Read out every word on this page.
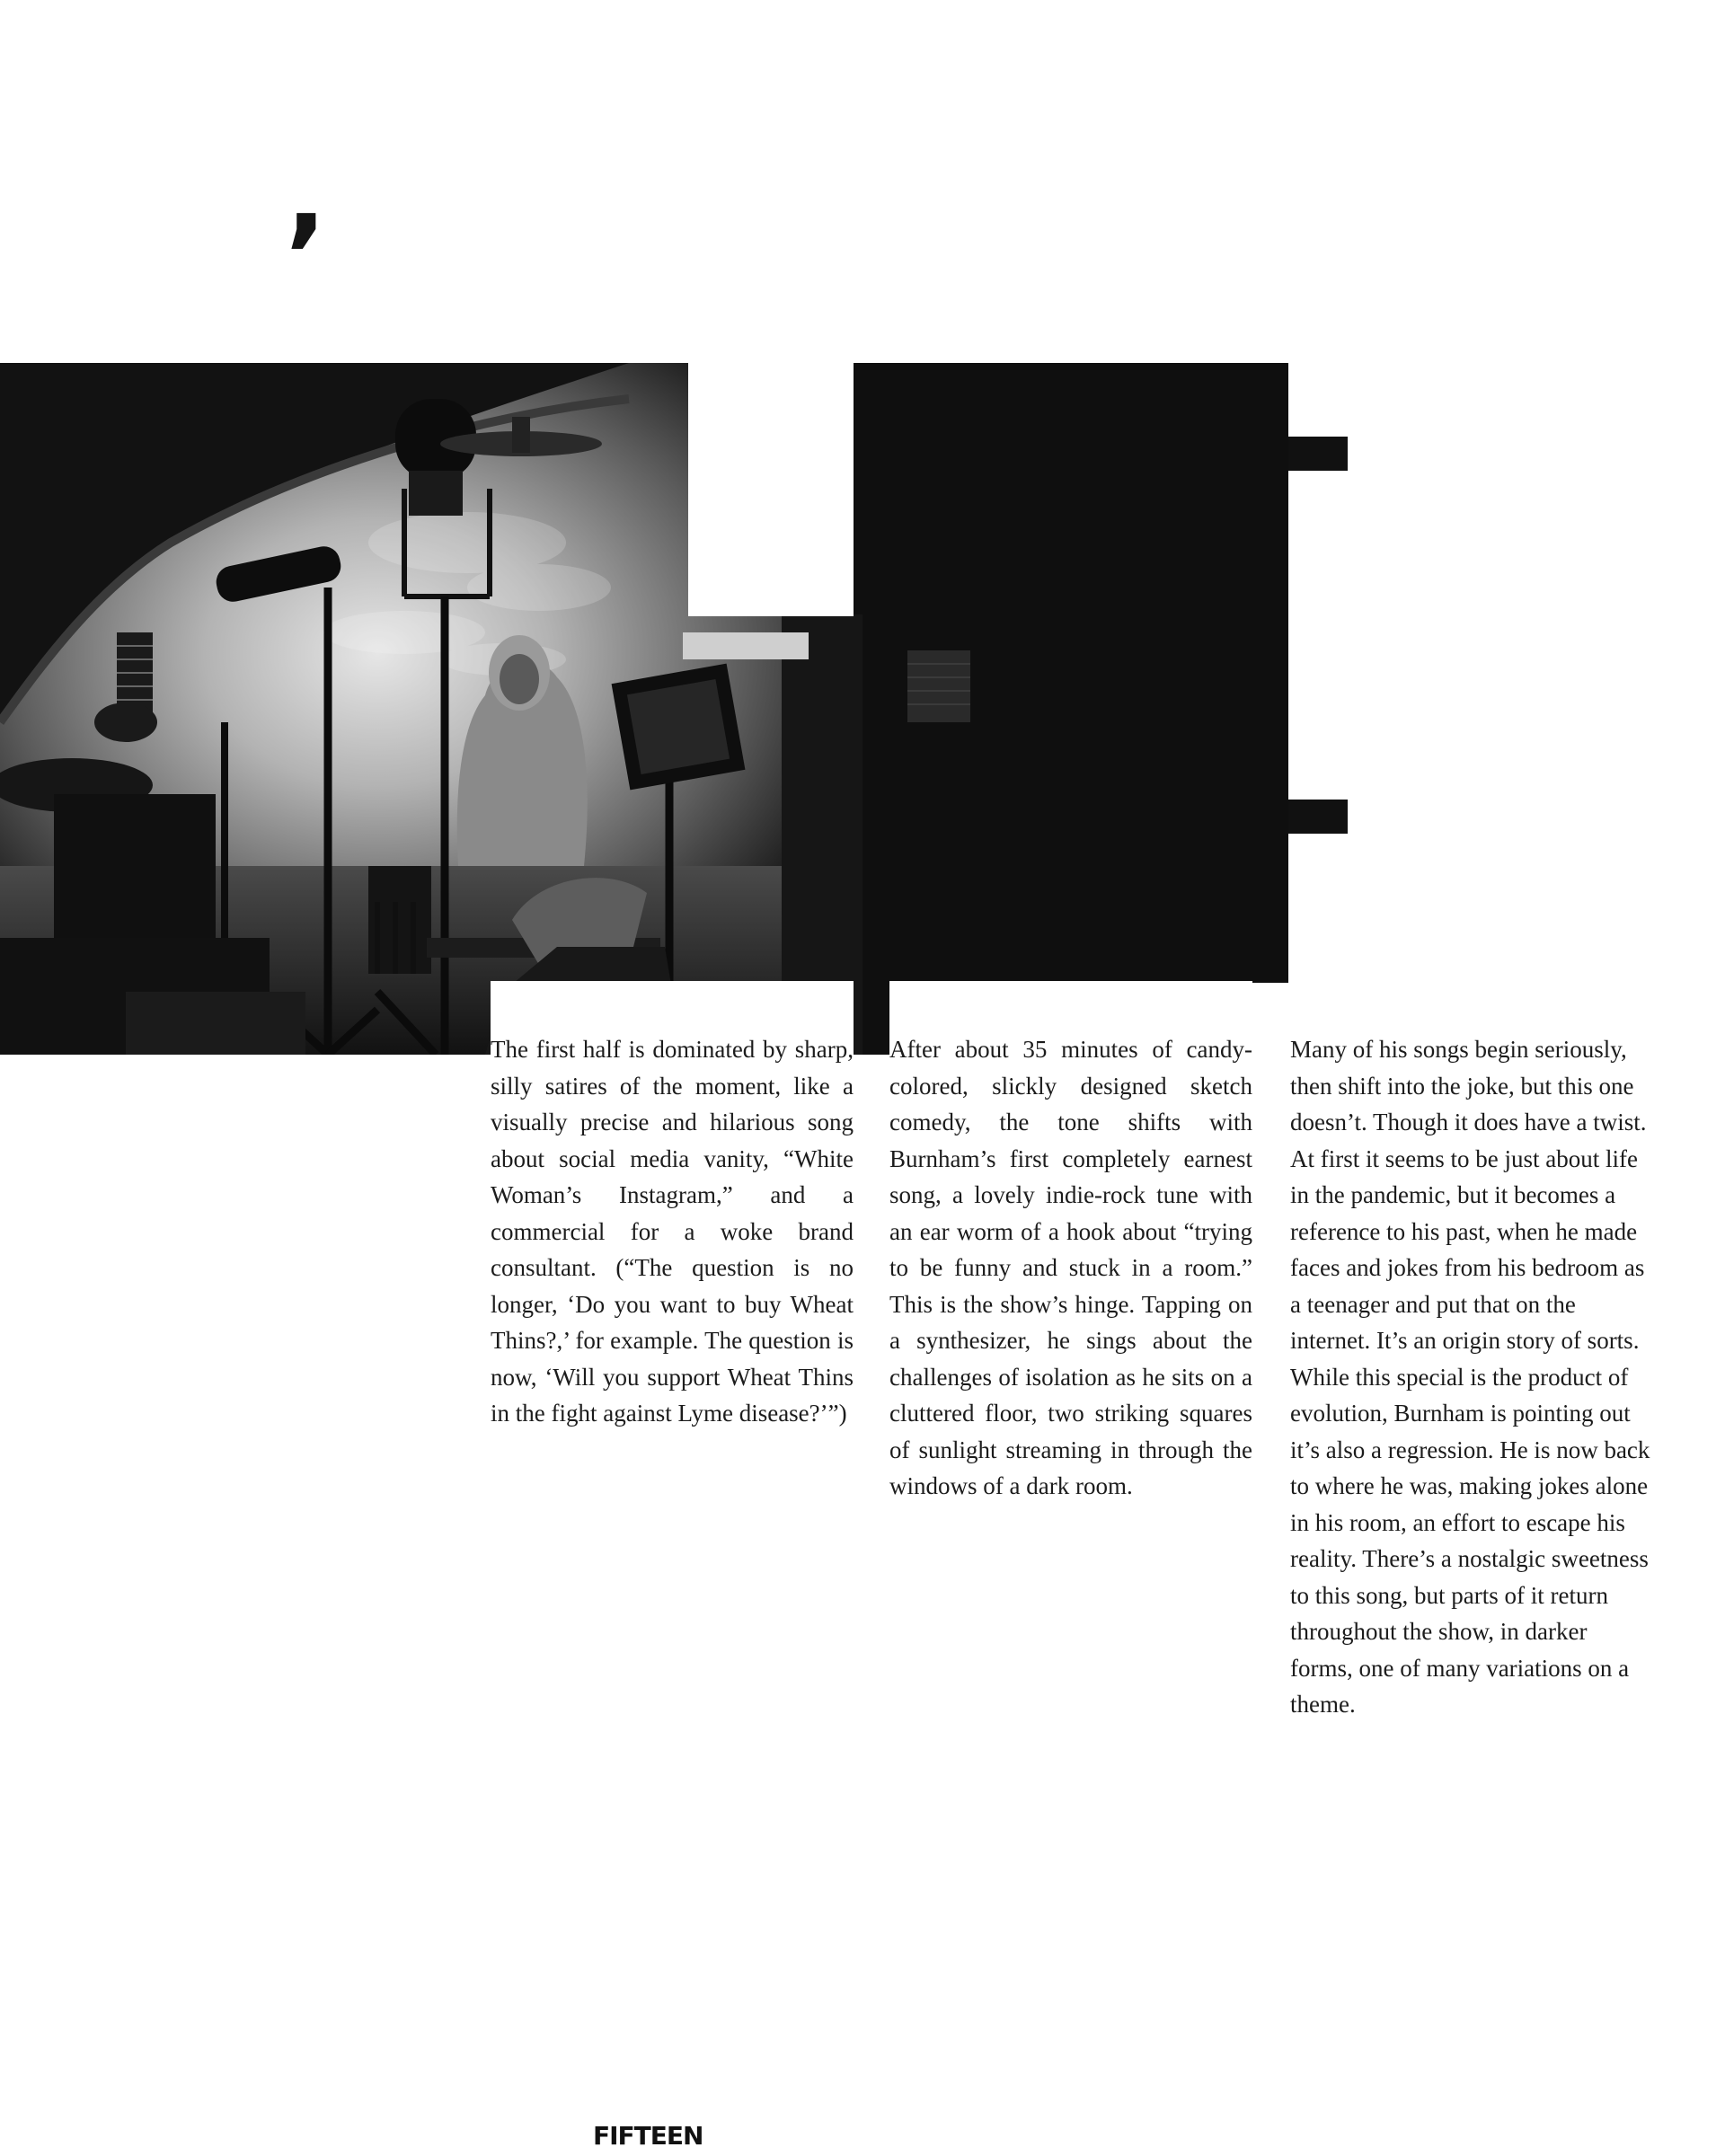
,

The first half is dominated by sharp, silly satires of the moment, like a visually precise and hilarious song about social media vanity, “White Woman’s Instagram,” and a commercial for a woke brand consultant. (“The question is no longer, ‘Do you want to buy Wheat Thins?,’ for example. The question is now, ‘Will you support Wheat Thins in the fight against Lyme disease?’”)

After about 35 minutes of candy-colored, slickly designed sketch comedy, the tone shifts with Burnham’s first completely earnest song, a lovely indie-rock tune with an ear worm of a hook about “trying to be funny and stuck in a room.” This is the show’s hinge. Tapping on a synthesizer, he sings about the challenges of isolation as he sits on a cluttered floor, two striking squares of sunlight streaming in through the windows of a dark room.

Many of his songs begin seriously, then shift into the joke, but this one doesn’t. Though it does have a twist. At first it seems to be just about life in the pandemic, but it becomes a reference to his past, when he made faces and jokes from his bedroom as a teenager and put that on the internet. It’s an origin story of sorts. While this special is the product of evolution, Burnham is pointing out it’s also a regression. He is now back to where he was, making jokes alone in his room, an effort to escape his reality. There’s a nostalgic sweetness to this song, but parts of it return throughout the show, in darker forms, one of many variations on a theme.

FIFTEEN
